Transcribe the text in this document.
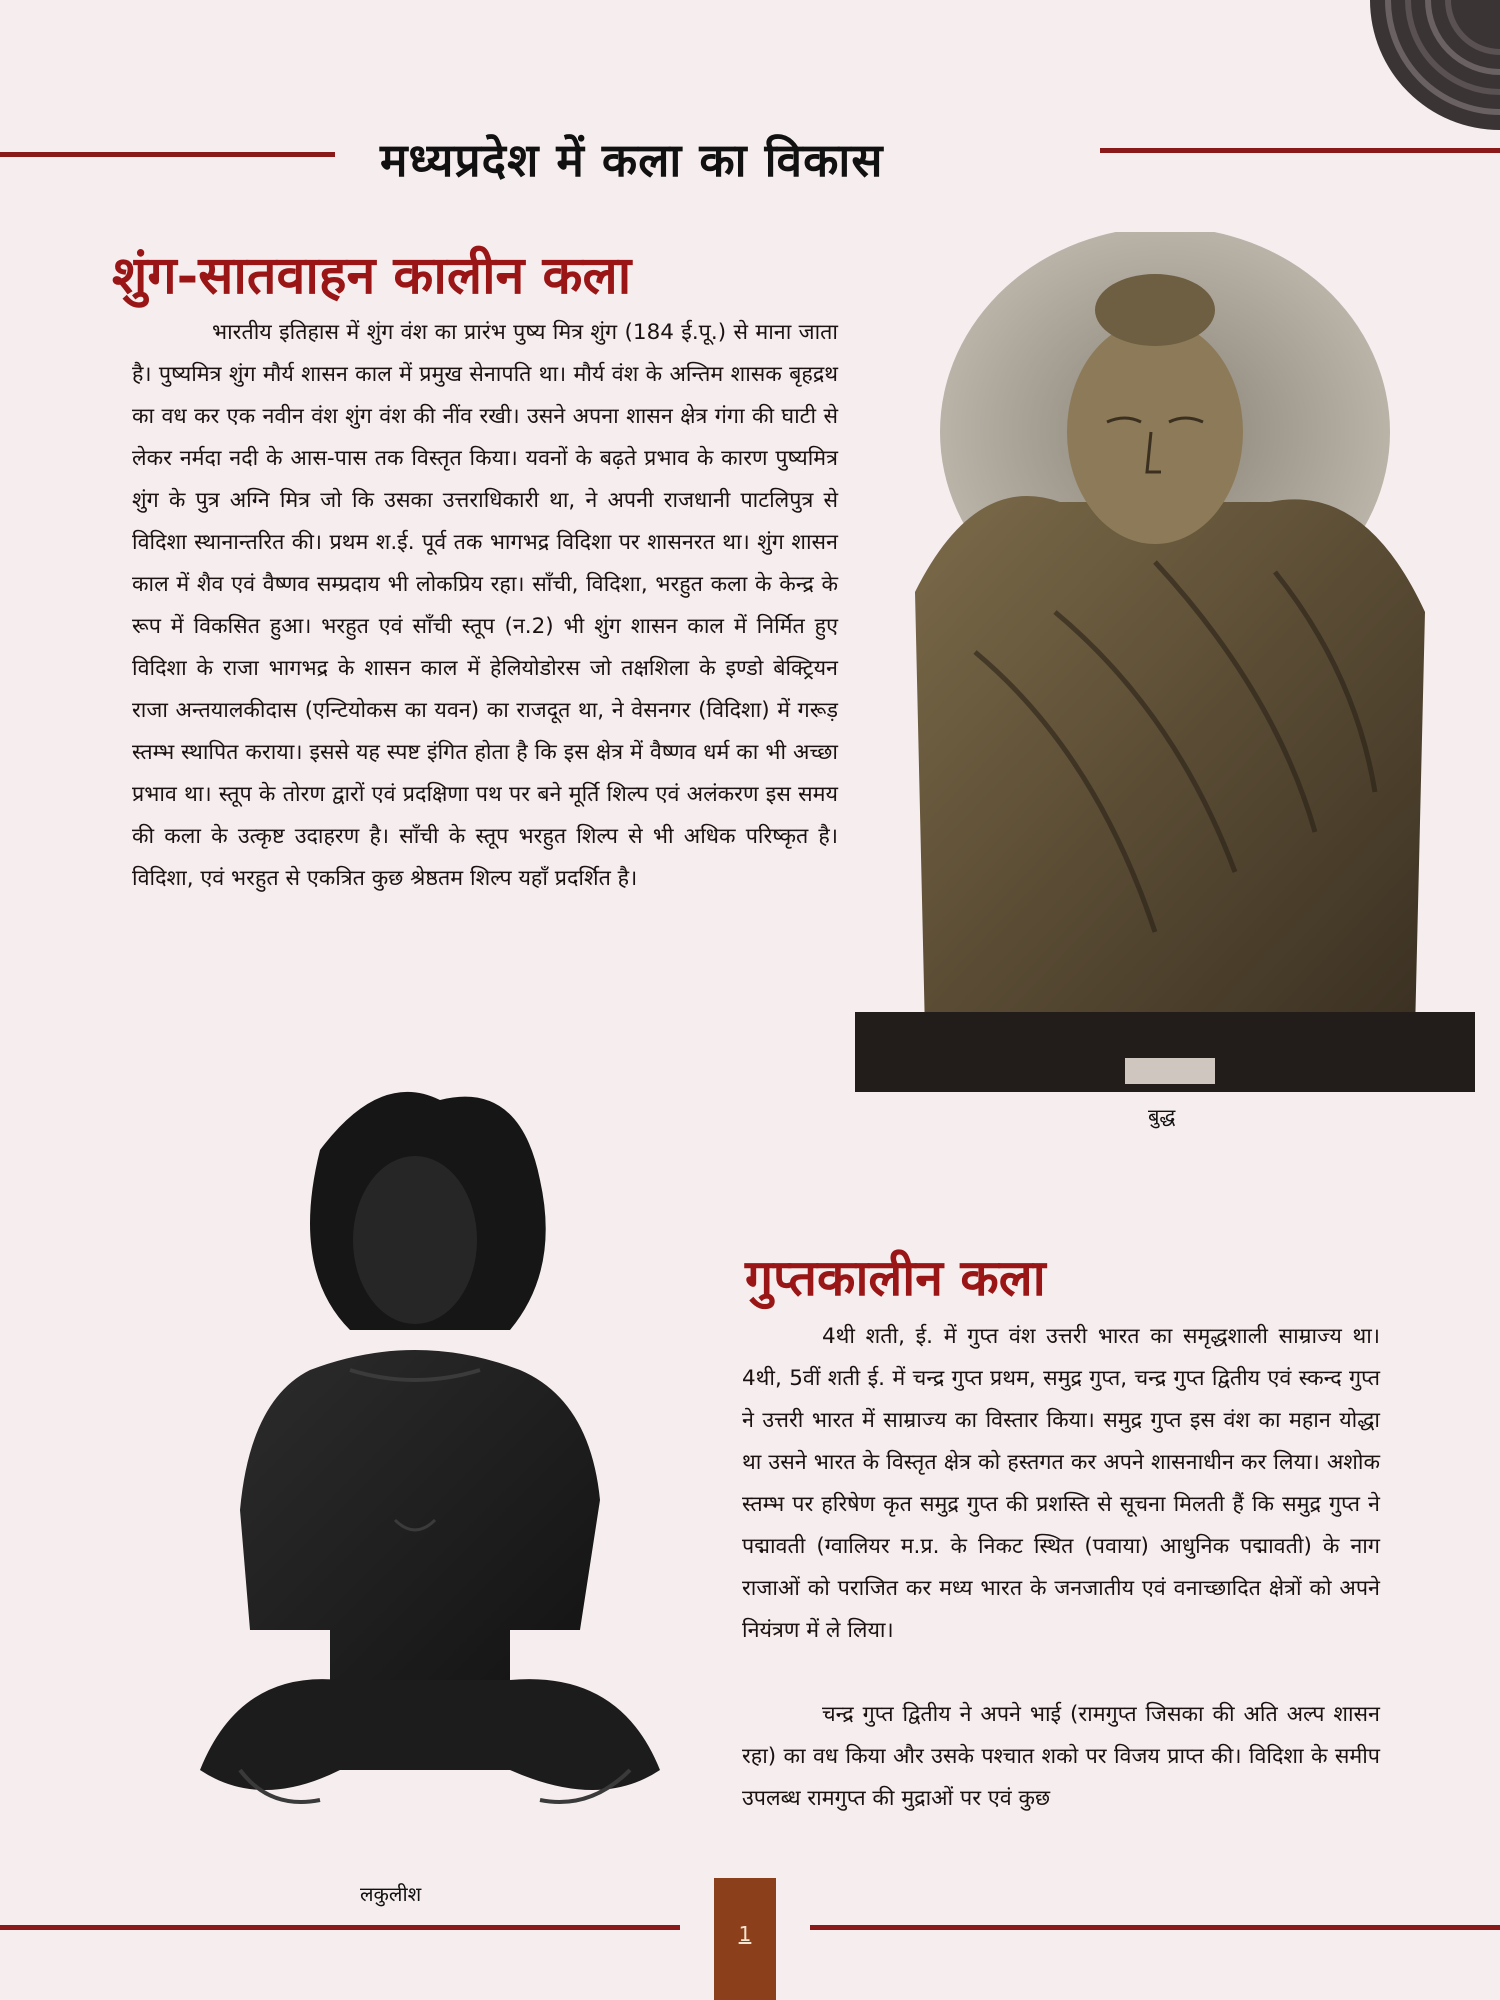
मध्यप्रदेश में कला का विकास
शुंग-सातवाहन कालीन कला

भारतीय इतिहास में शुंग वंश का प्रारंभ पुष्य मित्र शुंग (184 ई.पू.) से माना जाता है। पुष्यमित्र शुंग मौर्य शासन काल में प्रमुख सेनापति था। मौर्य वंश के अन्तिम शासक बृहद्रथ का वध कर एक नवीन वंश शुंग वंश की नींव रखी। उसने अपना शासन क्षेत्र गंगा की घाटी से लेकर नर्मदा नदी के आस-पास तक विस्तृत किया। यवनों के बढ़ते प्रभाव के कारण पुष्यमित्र शुंग के पुत्र अग्नि मित्र जो कि उसका उत्तराधिकारी था, ने अपनी राजधानी पाटलिपुत्र से विदिशा स्थानान्तरित की। प्रथम श.ई. पूर्व तक भागभद्र विदिशा पर शासनरत था। शुंग शासन काल में शैव एवं वैष्णव सम्प्रदाय भी लोकप्रिय रहा। साँची, विदिशा, भरहुत कला के केन्द्र के रूप में विकसित हुआ। भरहुत एवं साँची स्तूप (न.2) भी शुंग शासन काल में निर्मित हुए विदिशा के राजा भागभद्र के शासन काल में हेलियोडोरस जो तक्षशिला के इण्डो बेक्ट्रियन राजा अन्तयालकीदास (एन्टियोकस का यवन) का राजदूत था, ने वेसनगर (विदिशा) में गरूड़ स्तम्भ स्थापित कराया। इससे यह स्पष्ट इंगित होता है कि इस क्षेत्र में वैष्णव धर्म का भी अच्छा प्रभाव था। स्तूप के तोरण द्वारों एवं प्रदक्षिणा पथ पर बने मूर्ति शिल्प एवं अलंकरण इस समय की कला के उत्कृष्ट उदाहरण है। साँची के स्तूप भरहुत शिल्प से भी अधिक परिष्कृत है। विदिशा, एवं भरहुत से एकत्रित कुछ श्रेष्ठतम शिल्प यहाँ प्रदर्शित है।

बुद्ध
लकुलीश
गुप्तकालीन कला

4थी शती, ई. में गुप्त वंश उत्तरी भारत का समृद्धशाली साम्राज्य था। 4थी, 5वीं शती ई. में चन्द्र गुप्त प्रथम, समुद्र गुप्त, चन्द्र गुप्त द्वितीय एवं स्कन्द गुप्त ने उत्तरी भारत में साम्राज्य का विस्तार किया। समुद्र गुप्त इस वंश का महान योद्धा था उसने भारत के विस्तृत क्षेत्र को हस्तगत कर अपने शासनाधीन कर लिया। अशोक स्तम्भ पर हरिषेण कृत समुद्र गुप्त की प्रशस्ति से सूचना मिलती हैं कि समुद्र गुप्त ने पद्मावती (ग्वालियर म.प्र. के निकट स्थित (पवाया) आधुनिक पद्मावती) के नाग राजाओं को पराजित कर मध्य भारत के जनजातीय एवं वनाच्छादित क्षेत्रों को अपने नियंत्रण में ले लिया।

चन्द्र गुप्त द्वितीय ने अपने भाई (रामगुप्त जिसका की अति अल्प शासन रहा) का वध किया और उसके पश्चात शको पर विजय प्राप्त की। विदिशा के समीप उपलब्ध रामगुप्त की मुद्राओं पर एवं कुछ

1
